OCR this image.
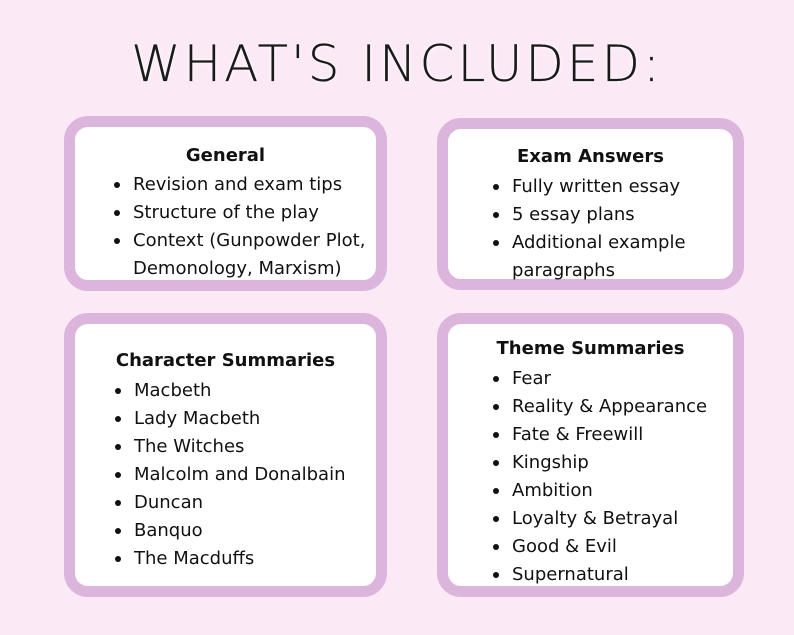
WHAT'S INCLUDED:
General
Revision and exam tips
Structure of the play
Context (Gunpowder Plot,
Demonology, Marxism)
Exam Answers
Fully written essay
5 essay plans
Additional example
paragraphs
Character Summaries
Macbeth
Lady Macbeth
The Witches
Malcolm and Donalbain
Duncan
Banquo
The Macduffs
Theme Summaries
Fear
Reality & Appearance
Fate & Freewill
Kingship
Ambition
Loyalty & Betrayal
Good & Evil
Supernatural
